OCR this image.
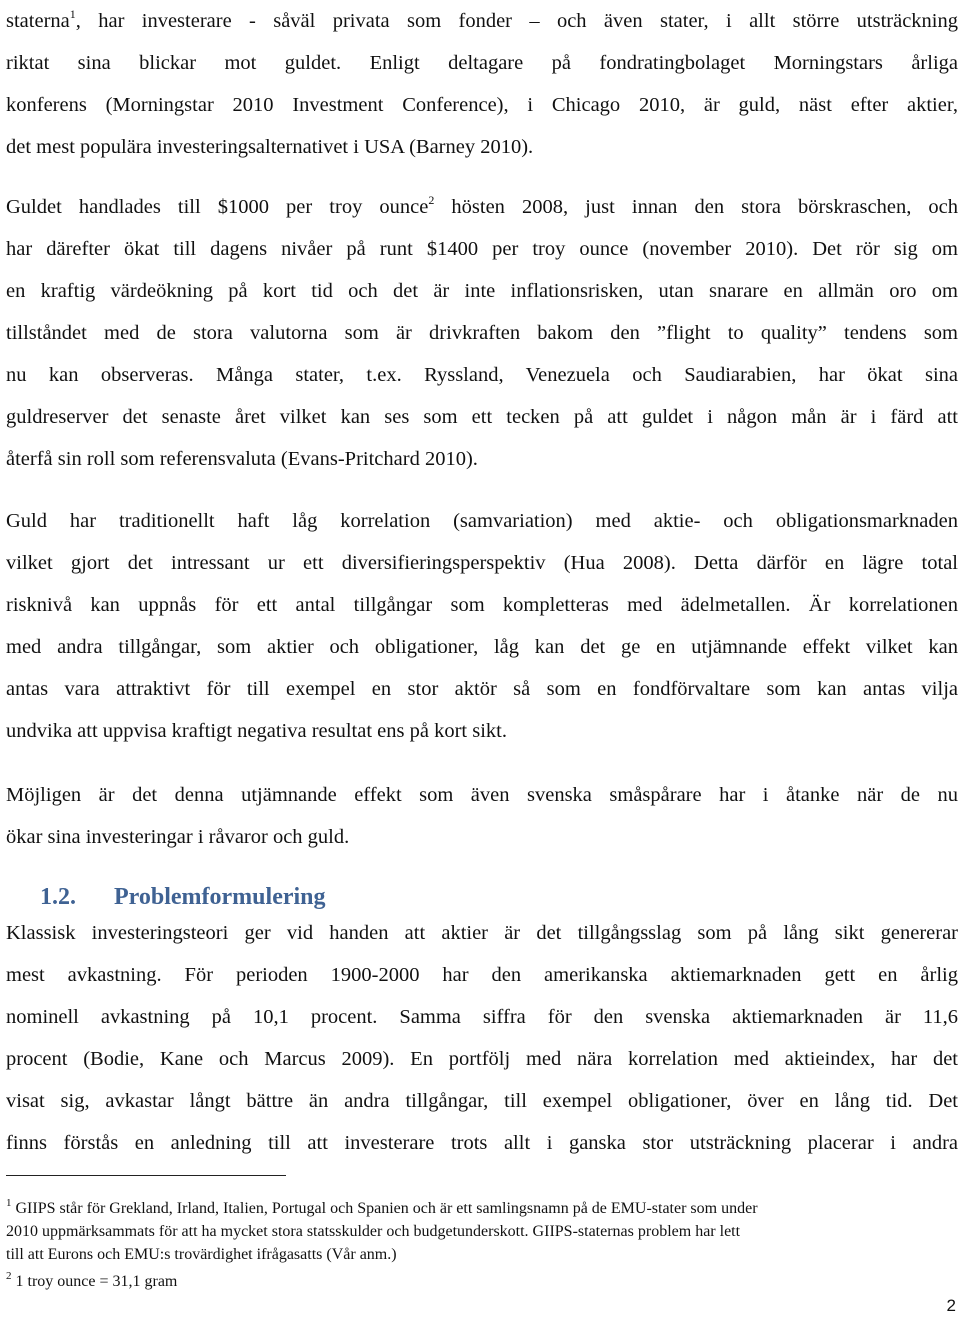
staterna$^1$, har investerare - såväl privata som fonder – och även stater, i allt större utsträckning
riktat sina blickar mot guldet. Enligt deltagare på fondratingbolaget Morningstars årliga
konferens (Morningstar 2010 Investment Conference), i Chicago 2010, är guld, näst efter aktier,
det mest populära investeringsalternativet i USA (Barney 2010).
Guldet handlades till $1000 per troy ounce$^2$ hösten 2008, just innan den stora börskraschen, och
har därefter ökat till dagens nivåer på runt $1400 per troy ounce (november 2010). Det rör sig om
en kraftig värdeökning på kort tid och det är inte inflationsrisken, utan snarare en allmän oro om
tillståndet med de stora valutorna som är drivkraften bakom den ”flight to quality” tendens som
nu kan observeras. Många stater, t.ex. Ryssland, Venezuela och Saudiarabien, har ökat sina
guldreserver det senaste året vilket kan ses som ett tecken på att guldet i någon mån är i färd att
återfå sin roll som referensvaluta (Evans-Pritchard 2010).
Guld har traditionellt haft låg korrelation (samvariation) med aktie- och obligationsmarknaden
vilket gjort det intressant ur ett diversifieringsperspektiv (Hua 2008). Detta därför en lägre total
risknivå kan uppnås för ett antal tillgångar som kompletteras med ädelmetallen. Är korrelationen
med andra tillgångar, som aktier och obligationer, låg kan det ge en utjämnande effekt vilket kan
antas vara attraktivt för till exempel en stor aktör så som en fondförvaltare som kan antas vilja
undvika att uppvisa kraftigt negativa resultat ens på kort sikt.
Möjligen är det denna utjämnande effekt som även svenska småspårare har i åtanke när de nu
ökar sina investeringar i råvaror och guld.
1.2. Problemformulering
Klassisk investeringsteori ger vid handen att aktier är det tillgångsslag som på lång sikt genererar
mest avkastning. För perioden 1900-2000 har den amerikanska aktiemarknaden gett en årlig
nominell avkastning på 10,1 procent. Samma siffra för den svenska aktiemarknaden är 11,6
procent (Bodie, Kane och Marcus 2009). En portfölj med nära korrelation med aktieindex, har det
visat sig, avkastar långt bättre än andra tillgångar, till exempel obligationer, över en lång tid. Det
finns förstås en anledning till att investerare trots allt i ganska stor utsträckning placerar i andra
$^1$ GIIPS står för Grekland, Irland, Italien, Portugal och Spanien och är ett samlingsnamn på de EMU-stater som under
2010 uppmärksammats för att ha mycket stora statsskulder och budgetunderskott. GIIPS-staternas problem har lett
till att Eurons och EMU:s trovärdighet ifrågasatts (Vår anm.)
$^2$ 1 troy ounce = 31,1 gram
2
